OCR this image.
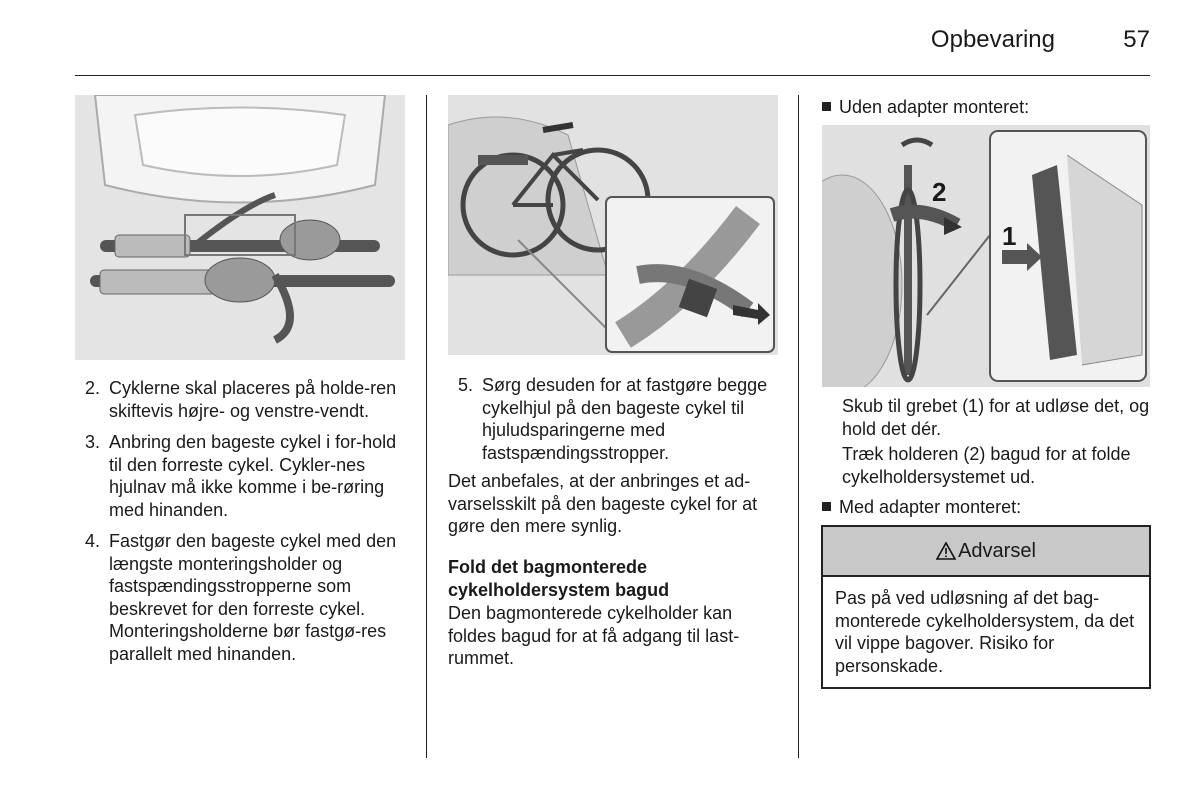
Opbevaring	57
2. Cyklerne skal placeres på holde-ren skiftevis højre- og venstre-vendt.
3. Anbring den bageste cykel i for-hold til den forreste cykel. Cykler-nes hjulnav må ikke komme i be-røring med hinanden.
4. Fastgør den bageste cykel med den længste monteringsholder og fastspændingsstropperne som beskrevet for den forreste cykel. Monteringsholderne bør fastgø-res parallelt med hinanden.
5. Sørg desuden for at fastgøre begge cykelhjul på den bageste cykel til hjuludsparingerne med fastspændingsstropper.
Det anbefales, at der anbringes et ad-varselsskilt på den bageste cykel for at gøre den mere synlig.
Fold det bagmonterede cykelholdersystem bagud
Den bagmonterede cykelholder kan foldes bagud for at få adgang til last-rummet.
Uden adapter monteret:
2
1
Skub til grebet (1) for at udløse det, og hold det dér.
Træk holderen (2) bagud for at folde cykelholdersystemet ud.
Med adapter monteret:
Advarsel
Pas på ved udløsning af det bag-monterede cykelholdersystem, da det vil vippe bagover. Risiko for personskade.
